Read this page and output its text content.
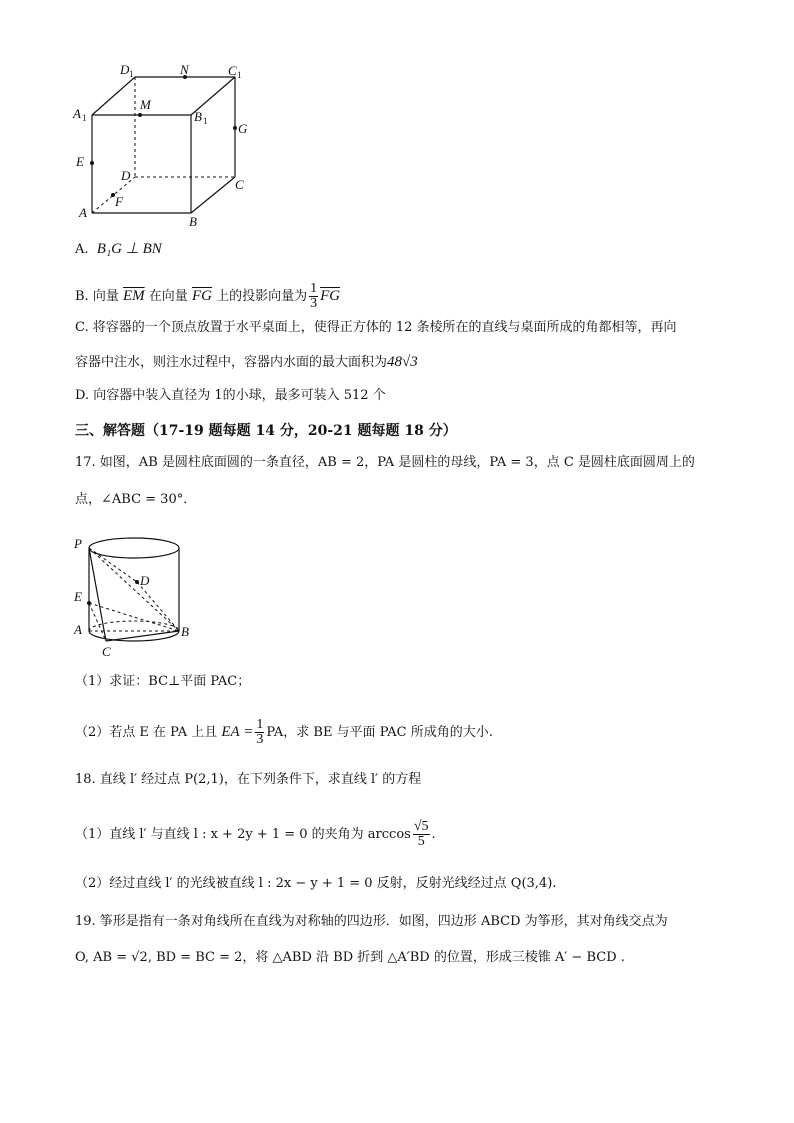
D 1	N	C 1
M
A 1	B 1 G
E
D
C
F
A
B
A. B₁G ⊥ BN
B. 向量 $\overline{EM}$ 在向量 $\overline{FG}$ 上的投影向量为 $\frac{1}{3} \overline{FG}$
C. 将容器的一个顶点放置于水平桌面上，使得正方体的 12 条棱所在的直线与桌面所成的角都相等，再向
容器中注水，则注水过程中，容器内水面的最大面积为48√3
D. 向容器中装入直径为 1的小球，最多可装入 512 个
三、解答题（17-19 题每题 14 分，20-21 题每题 18 分）
17. 如图，AB 是圆柱底面圆的一条直径，AB = 2，PA 是圆柱的母线，PA = 3，点 C 是圆柱底面圆周上的
点，∠ABC = 30°．
P
D
E
A	B
C
（1）求证：BC⊥平面 PAC；
（2）若点 E 在 PA 上且 EA = $\frac{1}{3}$ PA，求 BE 与平面 PAC 所成角的大小.
18. 直线 l′ 经过点 P(2,1)，在下列条件下，求直线 l′ 的方程
（1）直线 l′ 与直线 l : x + 2y + 1 = 0 的夹角为 $\arccos \frac{√5}{5}$ .
（2）经过直线 l′ 的光线被直线 l : 2x − y + 1 = 0 反射，反射光线经过点 Q(3,4).
19. 筝形是指有一条对角线所在直线为对称轴的四边形．如图，四边形 ABCD 为筝形，其对角线交点为
O, AB = √2, BD = BC = 2，将 △ABD 沿 BD 折到 △A′BD 的位置，形成三棱锥 A′ − BCD .
